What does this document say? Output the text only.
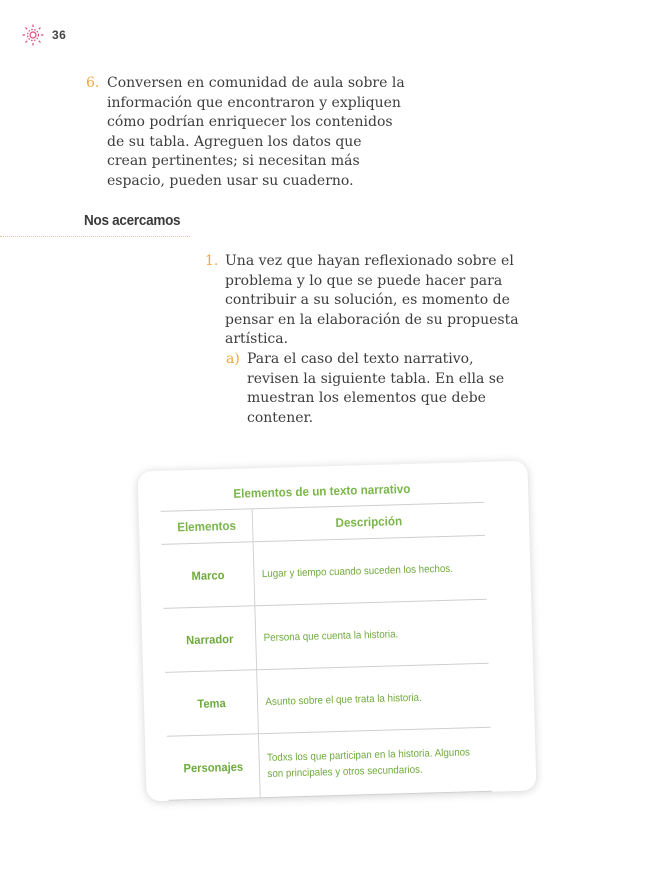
36
6. Conversen en comunidad de aula sobre la información que encontraron y expliquen cómo podrían enriquecer los contenidos de su tabla. Agreguen los datos que crean pertinentes; si necesitan más espacio, pueden usar su cuaderno.
Nos acercamos
1. Una vez que hayan reflexionado sobre el problema y lo que se puede hacer para contribuir a su solución, es momento de pensar en la elaboración de su propuesta artística.
a) Para el caso del texto narrativo, revisen la siguiente tabla. En ella se muestran los elementos que debe contener.
Elementos de un texto narrativo
Elementos	Descripción
Marco	Lugar y tiempo cuando suceden los hechos.
Narrador	Persona que cuenta la historia.
Tema	Asunto sobre el que trata la historia.
Personajes	Todxs los que participan en la historia. Algunos son principales y otros secundarios.
